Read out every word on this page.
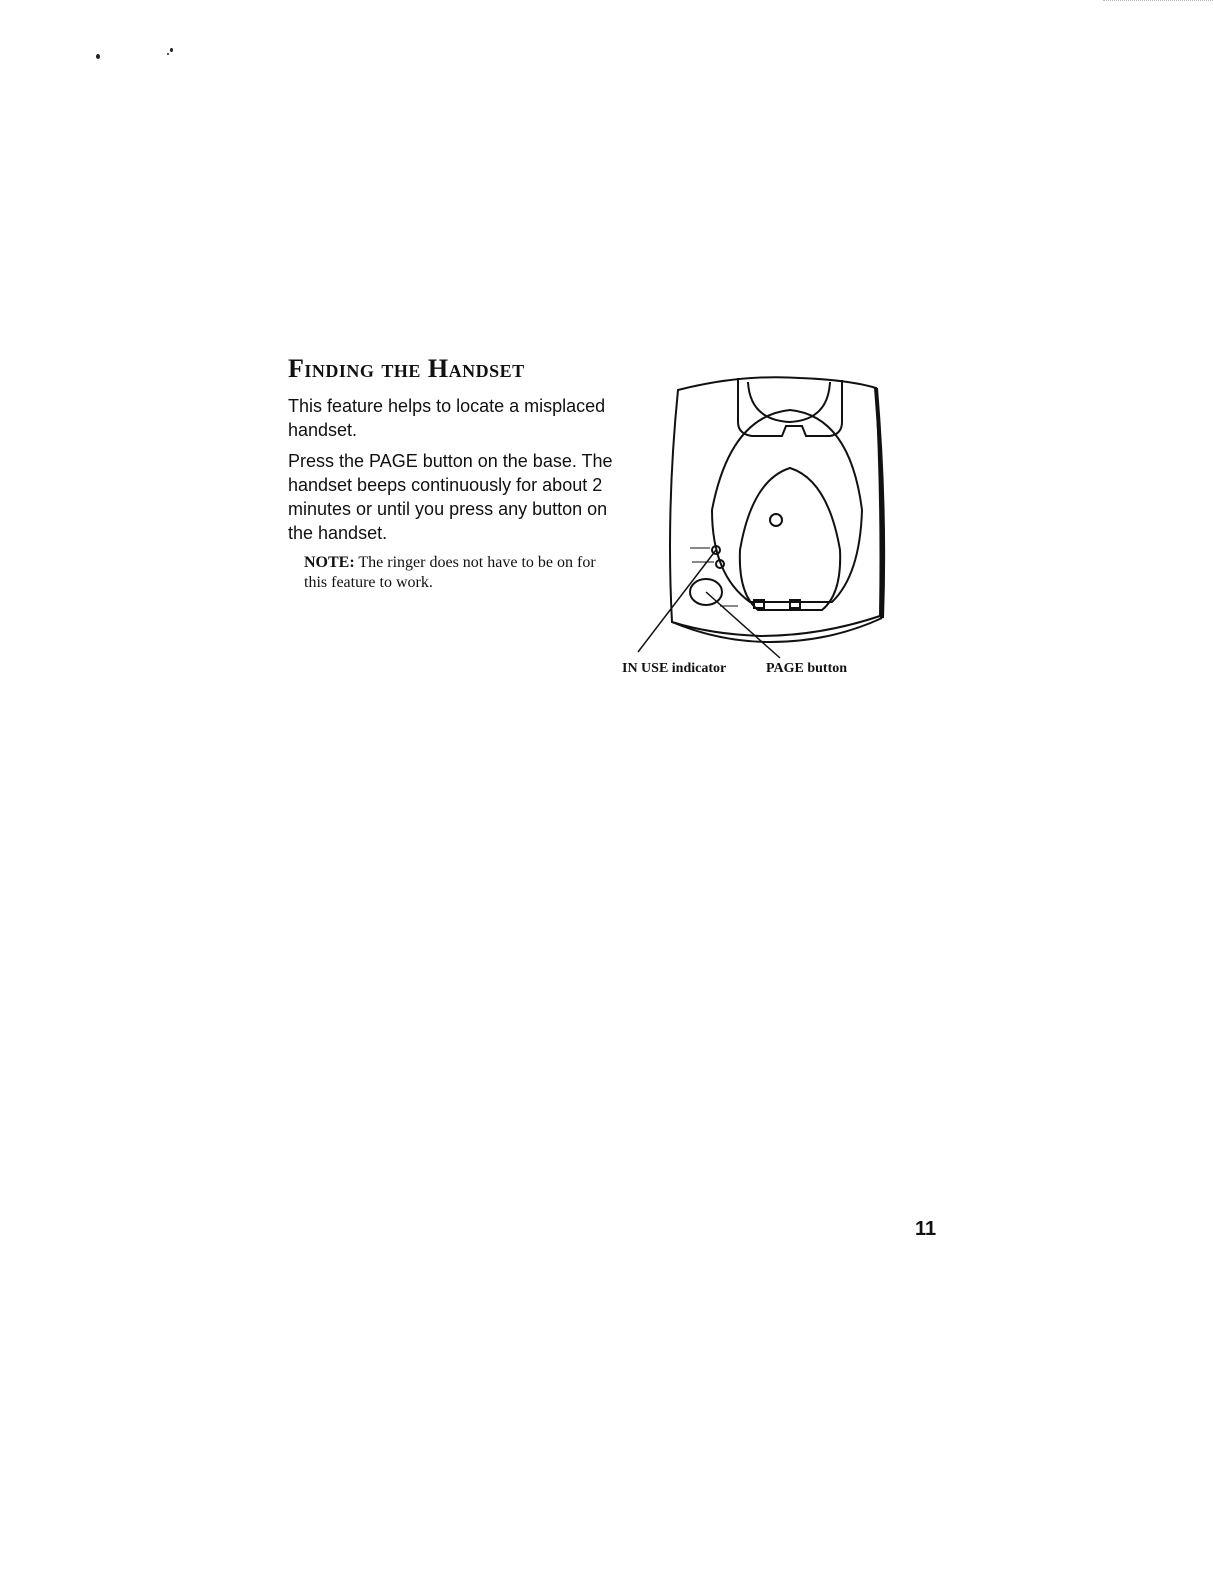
Finding the Handset

This feature helps to locate a misplaced handset.

Press the PAGE button on the base. The handset beeps continuously for about 2 minutes or until you press any button on the handset.

NOTE: The ringer does not have to be on for this feature to work.

IN USE indicator	PAGE button

11
